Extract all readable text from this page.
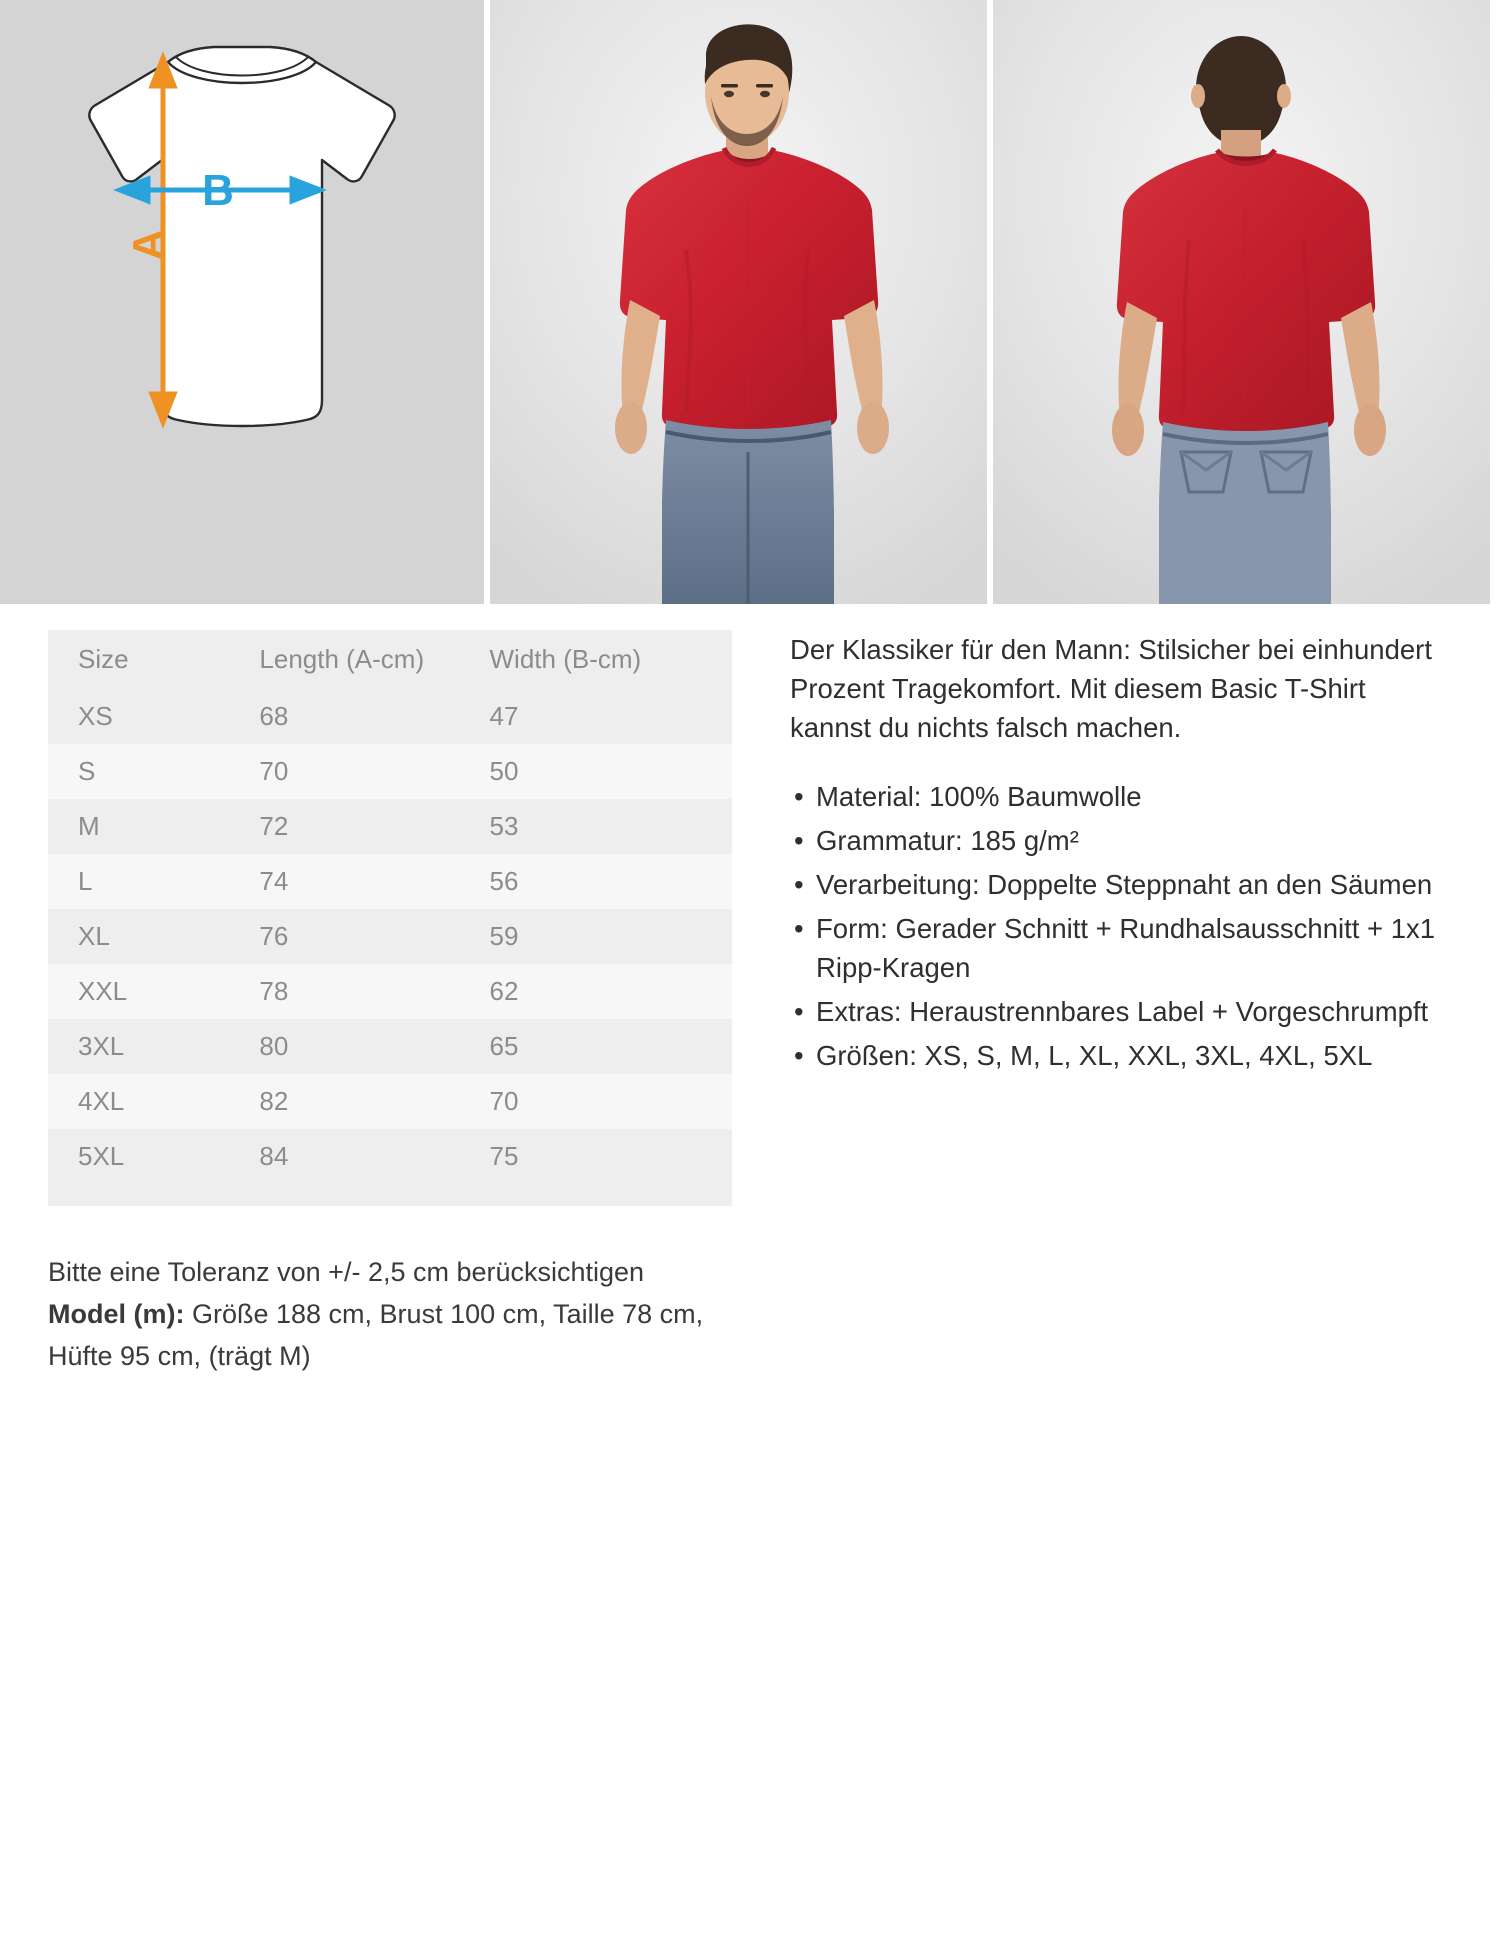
A
B
Size	Length (A-cm)	Width (B-cm)
XS	68	47
S	70	50
M	72	53
L	74	56
XL	76	59
XXL	78	62
3XL	80	65
4XL	82	70
5XL	84	75
Bitte eine Toleranz von +/- 2,5 cm berücksichtigen
Model (m): Größe 188 cm, Brust 100 cm, Taille 78 cm, Hüfte 95 cm, (trägt M)

Der Klassiker für den Mann: Stilsicher bei einhundert Prozent Tragekomfort. Mit diesem Basic T-Shirt kannst du nichts falsch machen.

• Material: 100% Baumwolle
• Grammatur: 185 g/m²
• Verarbeitung: Doppelte Steppnaht an den Säumen
• Form: Gerader Schnitt + Rundhalsausschnitt + 1x1 Ripp-Kragen
• Extras: Heraustrennbares Label + Vorgeschrumpft
• Größen: XS, S, M, L, XL, XXL, 3XL, 4XL, 5XL
